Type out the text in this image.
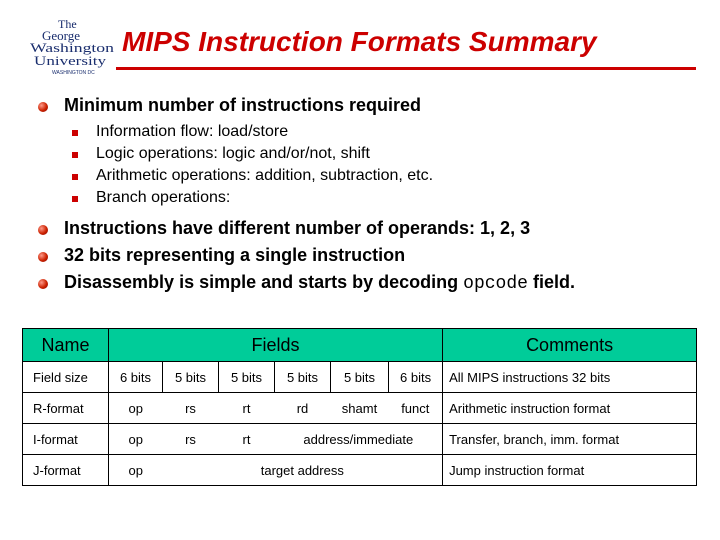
The
George
Washington
University
WASHINGTON DC
MIPS Instruction Formats Summary
Minimum number of instructions required
Information flow: load/store
Logic operations: logic and/or/not, shift
Arithmetic operations: addition, subtraction, etc.
Branch operations:
Instructions have different number of operands: 1, 2, 3
32 bits representing a single instruction
Disassembly is simple and starts by decoding opcode field.
Name	Fields						Comments
Field size	6 bits	5 bits	5 bits	5 bits	5 bits	6 bits	All MIPS instructions 32 bits
R-format	op	rs	rt	rd	shamt	funct	Arithmetic instruction format
I-format	op	rs	rt	address/immediate			Transfer, branch, imm. format
J-format	op	target address					Jump instruction format
